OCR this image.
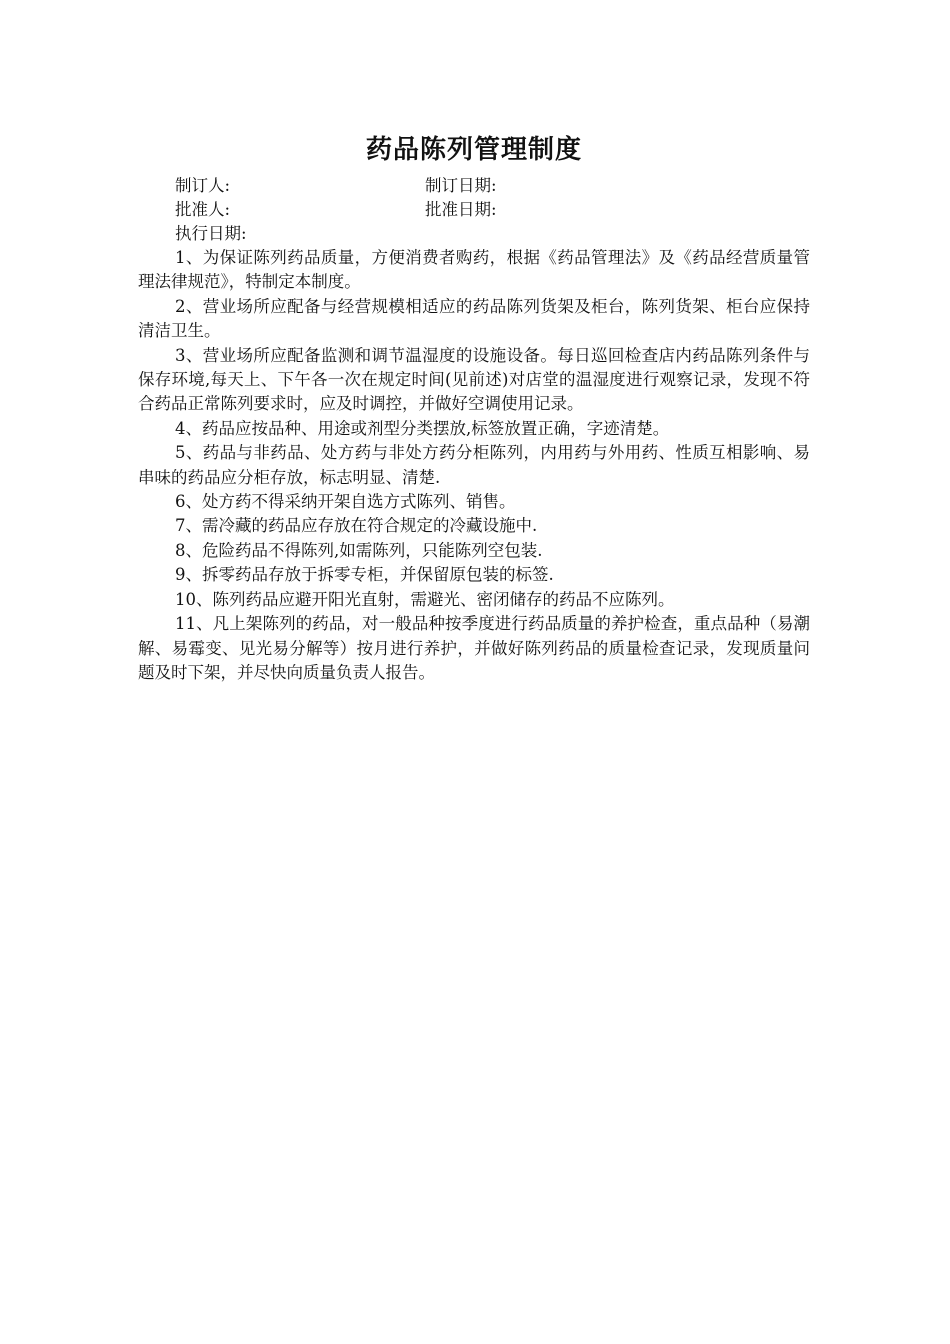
药品陈列管理制度
制订人:	制订日期:
批准人:	批准日期:
执行日期:

1、为保证陈列药品质量，方便消费者购药，根据《药品管理法》及《药品经营质量管理法律规范》，特制定本制度。

2、营业场所应配备与经营规模相适应的药品陈列货架及柜台，陈列货架、柜台应保持清洁卫生。

3、营业场所应配备监测和调节温湿度的设施设备。每日巡回检查店内药品陈列条件与保存环境,每天上、下午各一次在规定时间(见前述)对店堂的温湿度进行观察记录，发现不符合药品正常陈列要求时，应及时调控，并做好空调使用记录。

4、药品应按品种、用途或剂型分类摆放,标签放置正确，字迹清楚。

5、药品与非药品、处方药与非处方药分柜陈列，内用药与外用药、性质互相影响、易串味的药品应分柜存放，标志明显、清楚.

6、处方药不得采纳开架自选方式陈列、销售。

7、需冷藏的药品应存放在符合规定的冷藏设施中.

8、危险药品不得陈列,如需陈列，只能陈列空包装.

9、拆零药品存放于拆零专柜，并保留原包装的标签.

10、陈列药品应避开阳光直射，需避光、密闭储存的药品不应陈列。

11、凡上架陈列的药品，对一般品种按季度进行药品质量的养护检查，重点品种（易潮解、易霉变、见光易分解等）按月进行养护，并做好陈列药品的质量检查记录，发现质量问题及时下架，并尽快向质量负责人报告。
